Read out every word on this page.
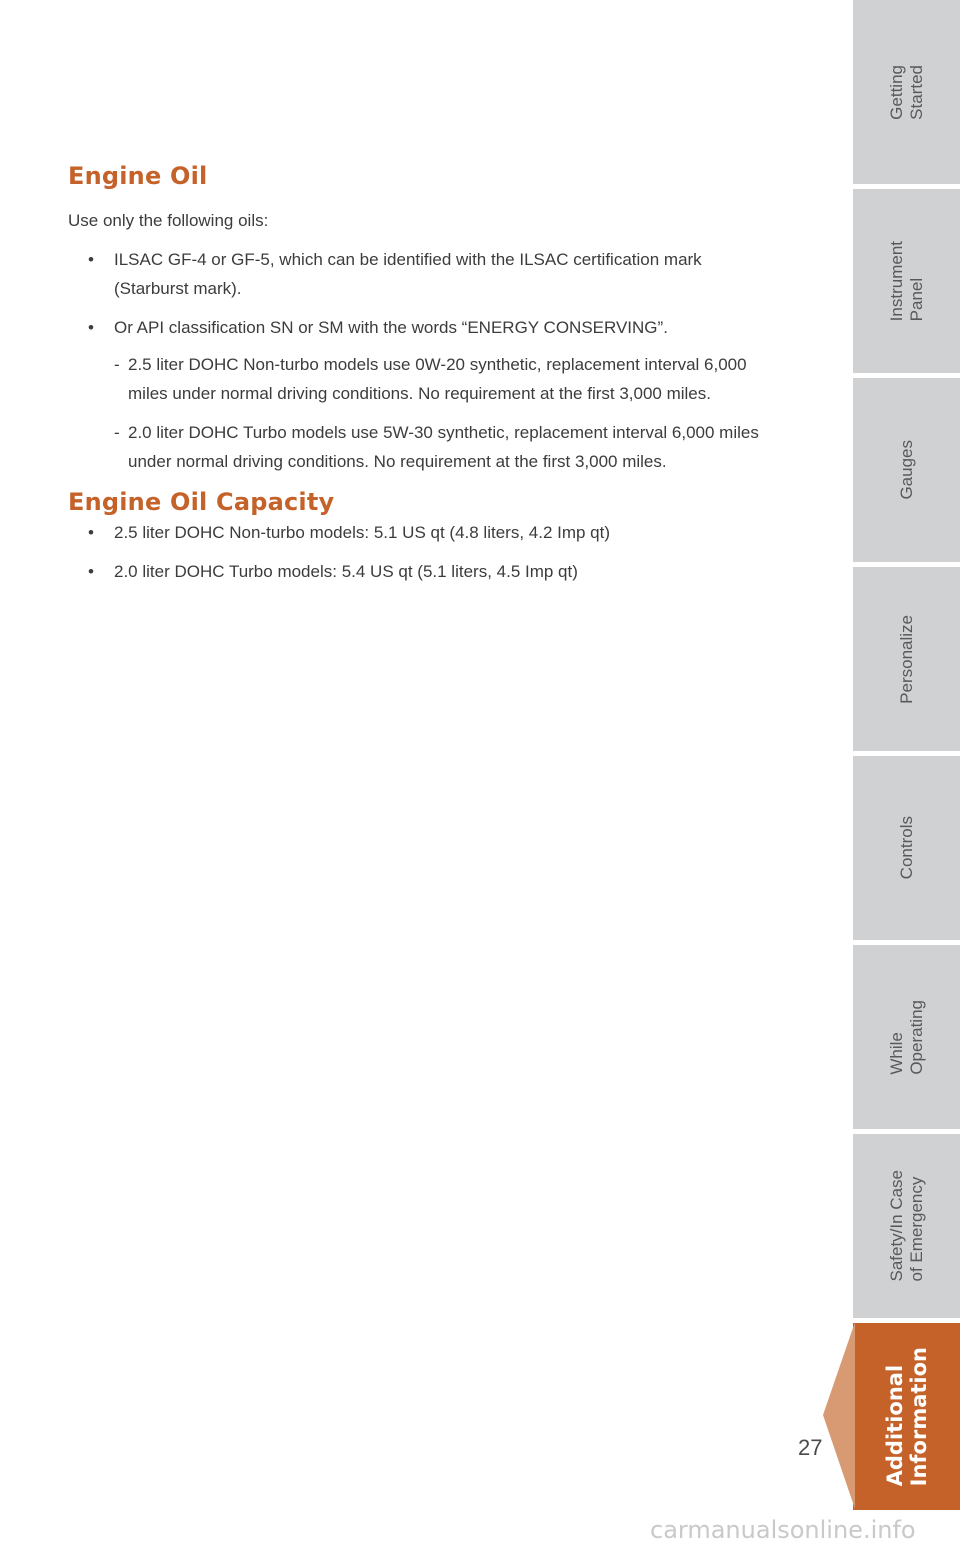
Engine Oil

Use only the following oils:

• ILSAC GF-4 or GF-5, which can be identified with the ILSAC certification mark (Starburst mark).
• Or API classification SN or SM with the words “ENERGY CONSERVING”.
- 2.5 liter DOHC Non-turbo models use 0W-20 synthetic, replacement interval 6,000 miles under normal driving conditions. No requirement at the first 3,000 miles.
- 2.0 liter DOHC Turbo models use 5W-30 synthetic, replacement interval 6,000 miles under normal driving conditions. No requirement at the first 3,000 miles.
Engine Oil Capacity
• 2.5 liter DOHC Non-turbo models: 5.1 US qt (4.8 liters, 4.2 Imp qt)
• 2.0 liter DOHC Turbo models: 5.4 US qt (5.1 liters, 4.5 Imp qt)
Getting
Started
Instrument
Panel
Gauges
Personalize
Controls
While
Operating
Safety/In Case
of Emergency
Additional
Information
27
carmanualsonline.info
